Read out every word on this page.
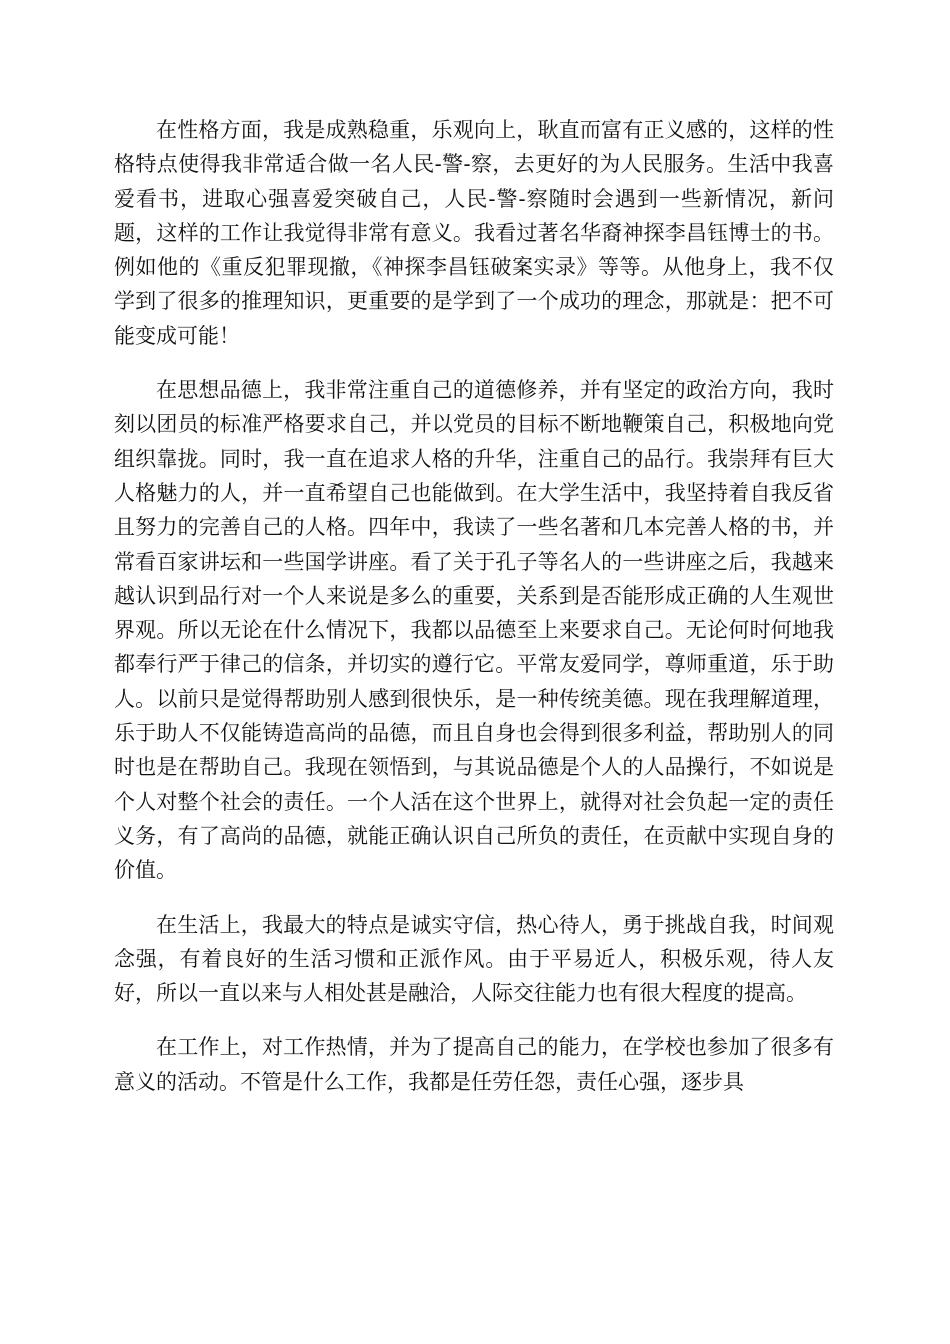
在性格方面，我是成熟稳重，乐观向上，耿直而富有正义感的，这样的性格特点使得我非常适合做一名人民-警-察，去更好的为人民服务。生活中我喜爱看书，进取心强喜爱突破自己，人民-警-察随时会遇到一些新情况，新问题，这样的工作让我觉得非常有意义。我看过著名华裔神探李昌钰博士的书。例如他的《重反犯罪现撤，《神探李昌钰破案实录》等等。从他身上，我不仅学到了很多的推理知识，更重要的是学到了一个成功的理念，那就是：把不可能变成可能！

在思想品德上，我非常注重自己的道德修养，并有坚定的政治方向，我时刻以团员的标准严格要求自己，并以党员的目标不断地鞭策自己，积极地向党组织靠拢。同时，我一直在追求人格的升华，注重自己的品行。我崇拜有巨大人格魅力的人，并一直希望自己也能做到。在大学生活中，我坚持着自我反省且努力的完善自己的人格。四年中，我读了一些名著和几本完善人格的书，并常看百家讲坛和一些国学讲座。看了关于孔子等名人的一些讲座之后，我越来越认识到品行对一个人来说是多么的重要，关系到是否能形成正确的人生观世界观。所以无论在什么情况下，我都以品德至上来要求自己。无论何时何地我都奉行严于律己的信条，并切实的遵行它。平常友爱同学，尊师重道，乐于助人。以前只是觉得帮助别人感到很快乐，是一种传统美德。现在我理解道理，乐于助人不仅能铸造高尚的品德，而且自身也会得到很多利益，帮助别人的同时也是在帮助自己。我现在领悟到，与其说品德是个人的人品操行，不如说是个人对整个社会的责任。一个人活在这个世界上，就得对社会负起一定的责任义务，有了高尚的品德，就能正确认识自己所负的责任，在贡献中实现自身的价值。

在生活上，我最大的特点是诚实守信，热心待人，勇于挑战自我，时间观念强，有着良好的生活习惯和正派作风。由于平易近人，积极乐观，待人友好，所以一直以来与人相处甚是融洽，人际交往能力也有很大程度的提高。

在工作上，对工作热情，并为了提高自己的能力，在学校也参加了很多有意义的活动。不管是什么工作，我都是任劳任怨，责任心强，逐步具
